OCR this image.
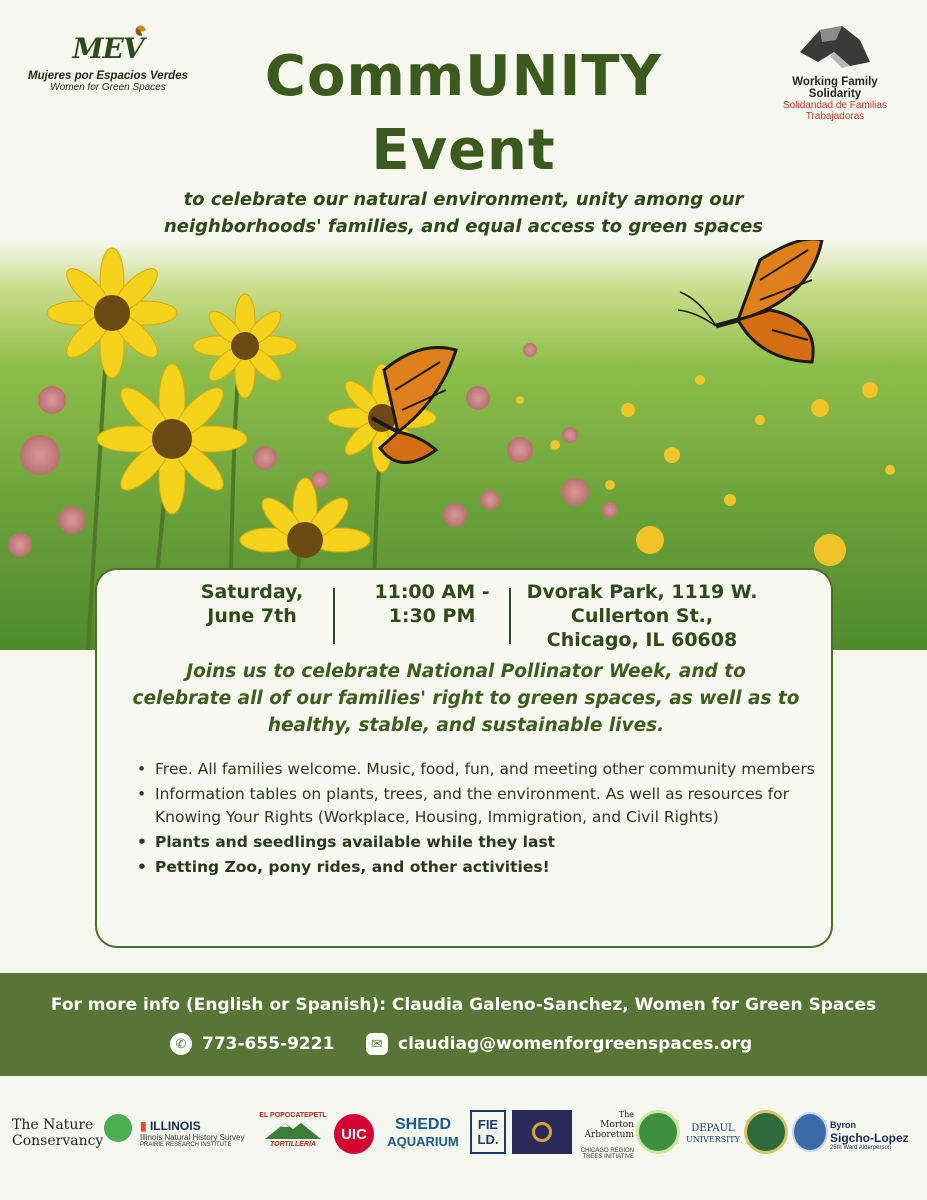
MEV
Mujeres por Espacios Verdes
Women for Green Spaces	Working Family Solidarity
Solidandad de Familias Trabajadoras
CommUNITY
Event
to celebrate our natural environment, unity among our
neighborhoods' families, and equal access to green spaces
Saturday,
June 7th
11:00 AM -
1:30 PM
Dvorak Park, 1119 W.
Cullerton St.,
Chicago, IL 60608
Joins us to celebrate National Pollinator Week, and to
celebrate all of our families' right to green spaces, as well as to
healthy, stable, and sustainable lives.
• Free. All families welcome. Music, food, fun, and meeting other community members
• Information tables on plants, trees, and the environment. As well as resources for Knowing Your Rights (Workplace, Housing, Immigration, and Civil Rights)
• Plants and seedlings available while they last
• Petting Zoo, pony rides, and other activities!
For more info (English or Spanish): Claudia Galeno-Sanchez, Women for Green Spaces
✆ 773-655-9221	✉ claudiag@womenforgreenspaces.org
The Nature
Conservancy
▮ ILLINOIS
Illinois Natural History Survey
PRAIRIE RESEARCH INSTITUTE
EL POPOCATEPETL
TORTILLERIA
UIC
SHEDD
AQUARIUM
FIE
LD.
The
Morton
Arboretum
CHICAGO REGION
TREES INITIATIVE
DEPAUL
UNIVERSITY
Byron
Sigcho-Lopez
25th Ward Alderperson
